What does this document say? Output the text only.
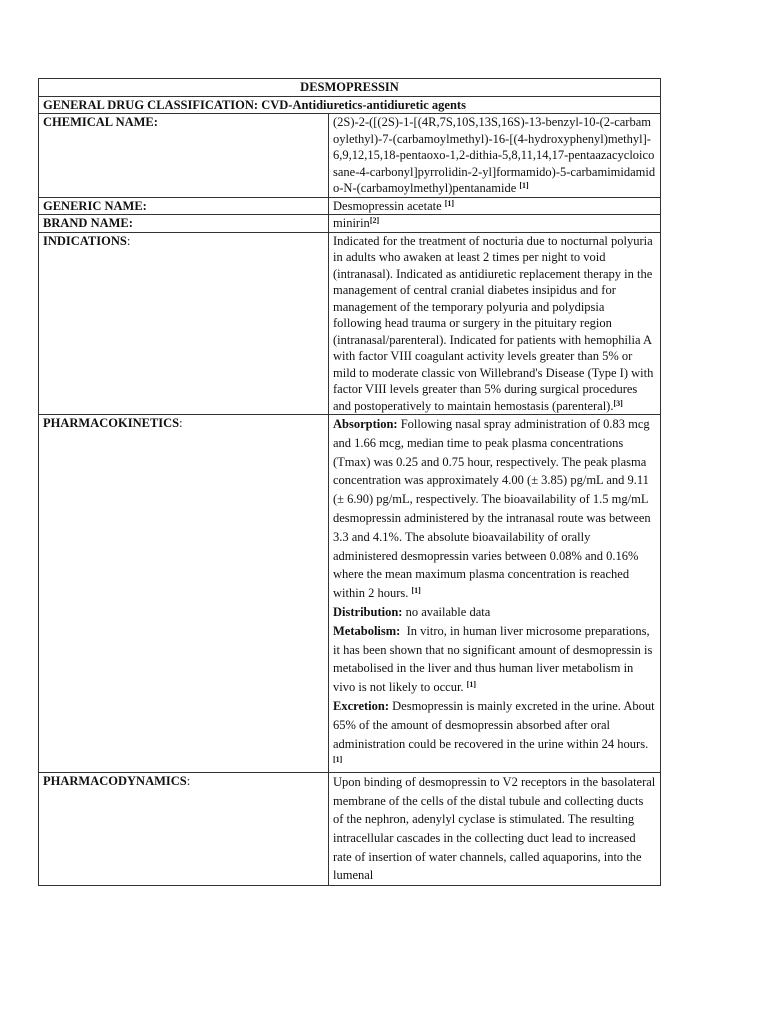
DESMOPRESSIN	
GENERAL DRUG CLASSIFICATION: CVD-Antidiuretics-antidiuretic agents	
CHEMICAL NAME:	(2S)-2-([(2S)-1-[(4R,7S,10S,13S,16S)-13-benzyl-10-(2-carbamoylethyl)-7-(carbamoylmethyl)-16-[(4-hydroxyphenyl)methyl]-6,9,12,15,18-pentaoxo-1,2-dithia-5,8,11,14,17-pentaazacycloicosane-4-carbonyl]pyrrolidin-2-yl]formamido)-5-carbamimidamido-N-(carbamoylmethyl)pentanamide [1]
GENERIC NAME:	Desmopressin acetate [1]
BRAND NAME:	minirin[2]
INDICATIONS:	Indicated for the treatment of nocturia due to nocturnal polyuria in adults who awaken at least 2 times per night to void (intranasal). Indicated as antidiuretic replacement therapy in the management of central cranial diabetes insipidus and for management of the temporary polyuria and polydipsia following head trauma or surgery in the pituitary region (intranasal/parenteral). Indicated for patients with hemophilia A with factor VIII coagulant activity levels greater than 5% or mild to moderate classic von Willebrand's Disease (Type I) with factor VIII levels greater than 5% during surgical procedures and postoperatively to maintain hemostasis (parenteral).[3]
PHARMACOKINETICS:	Absorption: Following nasal spray administration of 0.83 mcg and 1.66 mcg, median time to peak plasma concentrations (Tmax) was 0.25 and 0.75 hour, respectively. The peak plasma concentration was approximately 4.00 (± 3.85) pg/mL and 9.11 (± 6.90) pg/mL, respectively. The bioavailability of 1.5 mg/mL desmopressin administered by the intranasal route was between 3.3 and 4.1%. The absolute bioavailability of orally administered desmopressin varies between 0.08% and 0.16% where the mean maximum plasma concentration is reached within 2 hours. [1]

Distribution: no available data

Metabolism:  In vitro, in human liver microsome preparations, it has been shown that no significant amount of desmopressin is metabolised in the liver and thus human liver metabolism in vivo is not likely to occur. [1]

Excretion: Desmopressin is mainly excreted in the urine. About 65% of the amount of desmopressin absorbed after oral administration could be recovered in the urine within 24 hours. [1]

PHARMACODYNAMICS:	Upon binding of desmopressin to V2 receptors in the basolateral membrane of the cells of the distal tubule and collecting ducts of the nephron, adenylyl cyclase is stimulated. The resulting intracellular cascades in the collecting duct lead to increased rate of insertion of water channels, called aquaporins, into the lumenal
